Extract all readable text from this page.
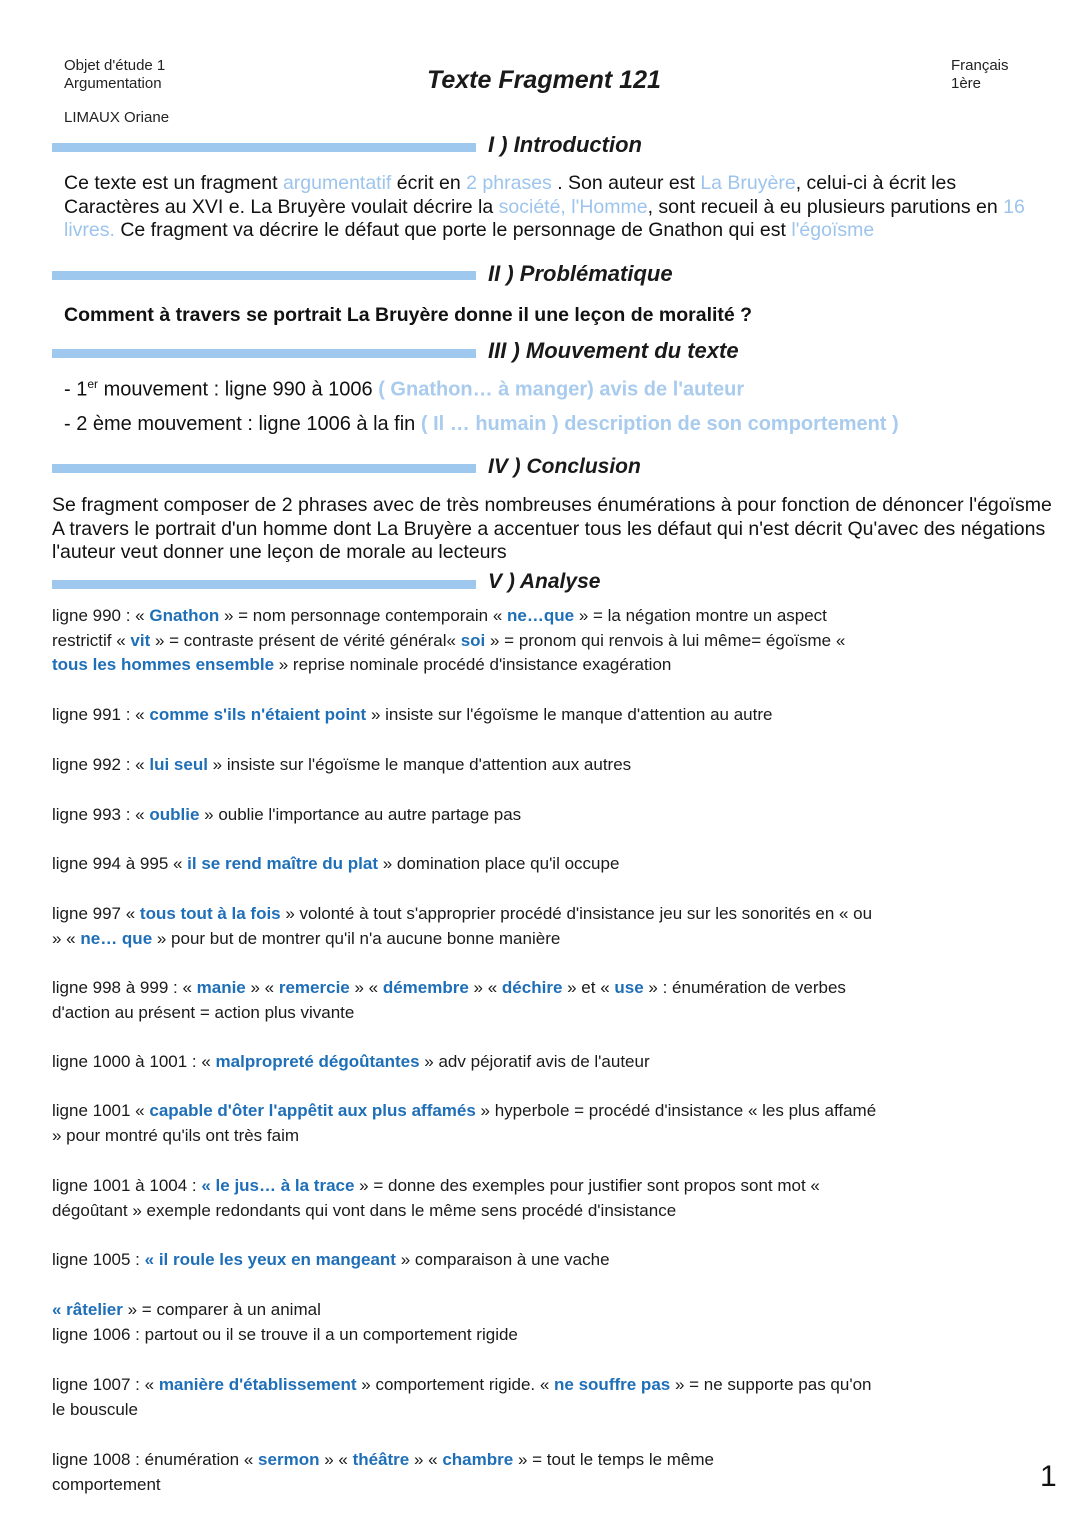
Objet d'étude 1
Argumentation
LIMAUX Oriane
Texte Fragment 121
Français
1ère
I ) Introduction
Ce texte est un fragment argumentatif écrit en 2 phrases . Son auteur est La Bruyère, celui-ci à écrit les Caractères au XVI e. La Bruyère voulait décrire la société, l'Homme, sont recueil à eu plusieurs parutions en 16 livres. Ce fragment va décrire le défaut que porte le personnage de Gnathon qui est l'égoïsme
II ) Problématique
Comment à travers se portrait La Bruyère donne il une leçon de moralité ?
III ) Mouvement du texte
- 1er mouvement : ligne 990 à 1006 ( Gnathon… à manger) avis de l'auteur
- 2 ème mouvement : ligne 1006 à la fin ( Il … humain ) description de son comportement )
IV ) Conclusion
Se fragment composer de 2 phrases avec de très nombreuses énumérations à pour fonction de dénoncer l'égoïsme A travers le portrait d'un homme dont La Bruyère a accentuer tous les défaut qui n'est décrit Qu'avec des négations l'auteur veut donner une leçon de morale au lecteurs
V ) Analyse
ligne 990 : « Gnathon » = nom personnage contemporain « ne…que » = la négation montre un aspect restrictif « vit » = contraste présent de vérité général« soi » = pronom qui renvois à lui même= égoïsme « tous les hommes ensemble » reprise nominale procédé d'insistance exagération
ligne 991 : « comme s'ils n'étaient point » insiste sur l'égoïsme le manque d'attention au autre
ligne 992 : « lui seul » insiste sur l'égoïsme le manque d'attention aux autres
ligne 993 : « oublie » oublie l'importance au autre partage pas
ligne 994 à 995 « il se rend maître du plat » domination place qu'il occupe
ligne 997 « tous tout à la fois » volonté à tout s'approprier procédé d'insistance jeu sur les sonorités en « ou » « ne… que » pour but de montrer qu'il n'a aucune bonne manière
ligne 998 à 999 : « manie » « remercie » « démembre » « déchire » et « use » : énumération de verbes d'action au présent = action plus vivante
ligne 1000 à 1001 : « malpropreté dégoûtantes » adv péjoratif avis de l'auteur
ligne 1001 « capable d'ôter l'appêtit aux plus affamés » hyperbole = procédé d'insistance « les plus affamé » pour montré qu'ils ont très faim
ligne 1001 à 1004 : « le jus… à la trace » = donne des exemples pour justifier sont propos sont mot « dégoûtant » exemple redondants qui vont dans le même sens procédé d'insistance
ligne 1005 : « il roule les yeux en mangeant » comparaison à une vache
« râtelier » = comparer à un animal
ligne 1006 : partout ou il se trouve il a un comportement rigide
ligne 1007 : « manière d'établissement » comportement rigide. « ne souffre pas » = ne supporte pas qu'on le bouscule
ligne 1008 : énumération « sermon » « théâtre » « chambre » = tout le temps le même comportement	1
